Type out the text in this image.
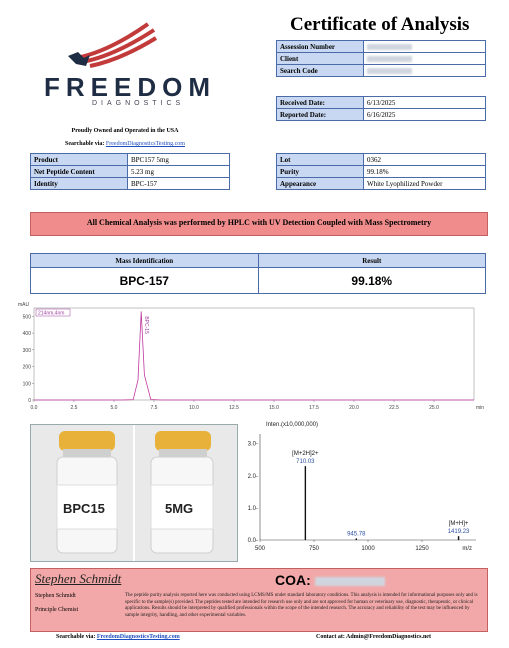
FREEDOM
DIAGNOSTICS
Proudly Owned and Operated in the USA
Searchable via: FreedomDiagnosticsTesting.com
Certificate of Analysis
Assession Number	
Client	
Search Code	
Received Date:	6/13/2025
Reported Date:	6/16/2025
Product	BPC157 5mg
Net Peptide Content	5.23 mg
Identity	BPC-157
Lot	0362
Purity	99.18%
Appearance	White Lyophilized Powder
All Chemical Analysis was performed by HPLC with UV Detection Coupled with Mass Spectrometry
Mass Identification	Result
BPC-157	99.18%
mAU
min
0
100
200
300
400
500
0.0	2.5	5.0	7.5	10.0	12.5	15.0	17.5	20.0	22.5	25.0
214nm,4nm
BPC-15
BPC15	5MG
Inten.(x10,000,000)
0.0-
1.0-
2.0-
3.0-
500	750	1000	1250	m/z
710.03
[M+2H]2+
945.78	1419.23
[M+H]+
Stephen Schmidt
Stephen Schmidt
Principle Chemist
COA:
The peptide purity analysis reported here was conducted using LCMS/MS under standard laboratory conditions. This analysis is intended for informational purposes only and is specific to the sample(s) provided. The peptides tested are intended for research use only and are not approved for human or veterinary use, diagnostic, therapeutic, or clinical applications. Results should be interpreted by qualified professionals within the scope of the intended research. The accuracy and reliability of the test may be influenced by sample integrity, handling, and other experimental variables.
Searchable via: FreedomDiagnosticsTesting.com	Contact at: Admin@FreedomDiagnostics.net
